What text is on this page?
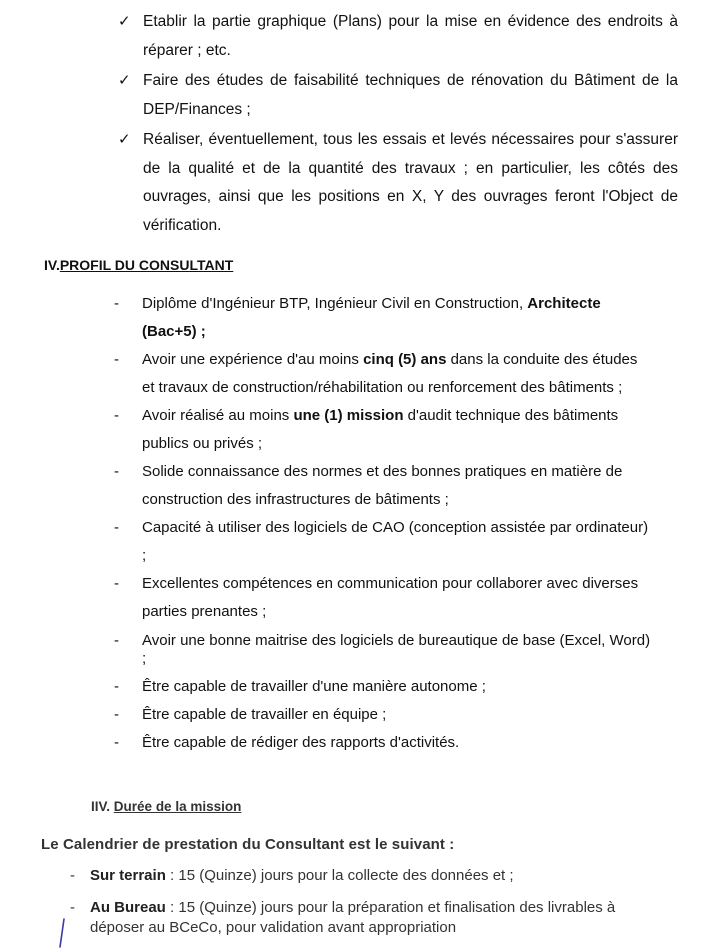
✓ Etablir la partie graphique (Plans) pour la mise en évidence des endroits à réparer ; etc.
✓ Faire des études de faisabilité techniques de rénovation du Bâtiment de la DEP/Finances ;
✓ Réaliser, éventuellement, tous les essais et levés nécessaires pour s'assurer de la qualité et de la quantité des travaux ; en particulier, les côtés des ouvrages, ainsi que les positions en X, Y des ouvrages feront l'Object de vérification.
IV.PROFIL DU CONSULTANT
- Diplôme d'Ingénieur BTP, Ingénieur Civil en Construction, Architecte (Bac+5) ;
- Avoir une expérience d'au moins cinq (5) ans dans la conduite des études et travaux de construction/réhabilitation ou renforcement des bâtiments ;
- Avoir réalisé au moins une (1) mission d'audit technique des bâtiments publics ou privés ;
- Solide connaissance des normes et des bonnes pratiques en matière de construction des infrastructures de bâtiments ;
- Capacité à utiliser des logiciels de CAO (conception assistée par ordinateur) ;
- Excellentes compétences en communication pour collaborer avec diverses parties prenantes ;
- Avoir une bonne maitrise des logiciels de bureautique de base (Excel, Word) ;
- Être capable de travailler d'une manière autonome ;
- Être capable de travailler en équipe ;
- Être capable de rédiger des rapports d'activités.
IIV. Durée de la mission
Le Calendrier de prestation du Consultant est le suivant :
- Sur terrain : 15 (Quinze) jours pour la collecte des données et ;
- Au Bureau : 15 (Quinze) jours pour la préparation et finalisation des livrables à déposer au BCeCo, pour validation avant appropriation
